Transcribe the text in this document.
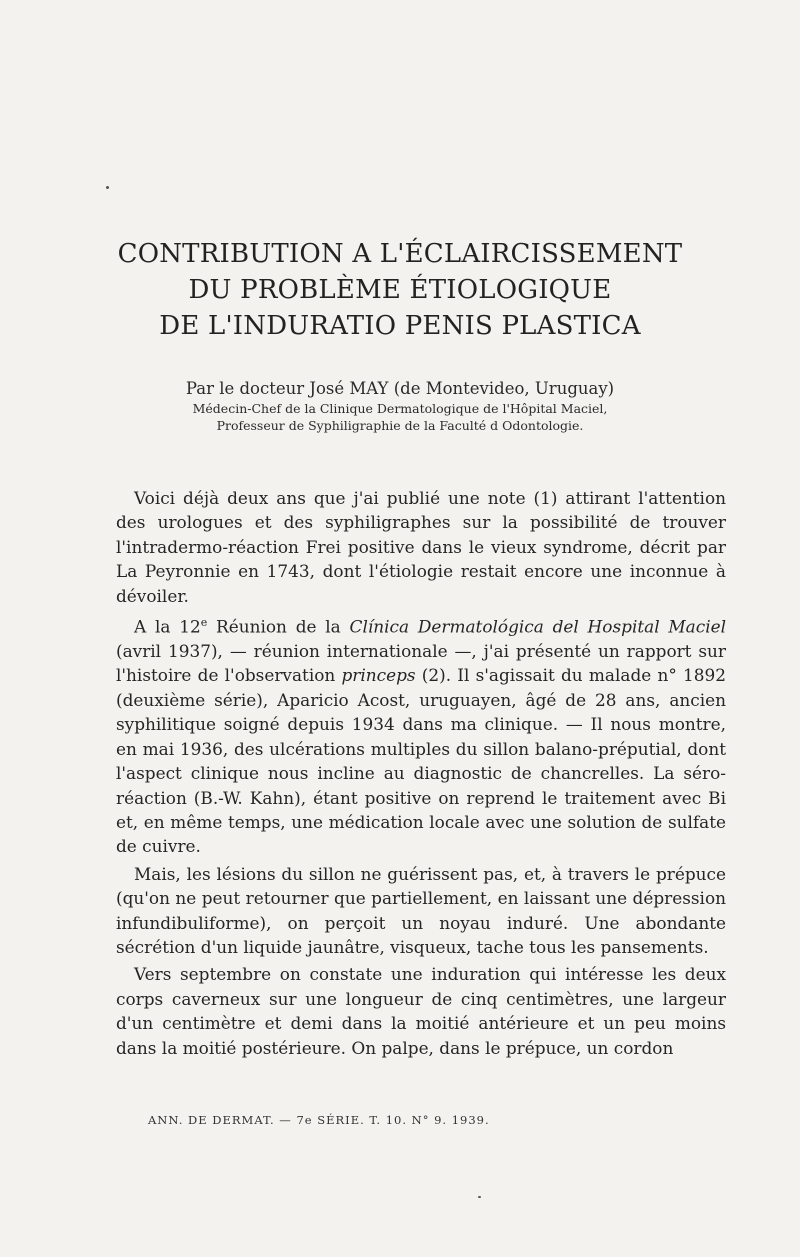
CONTRIBUTION A L'ÉCLAIRCISSEMENT
DU PROBLÈME ÉTIOLOGIQUE
DE L'INDURATIO PENIS PLASTICA
Par le docteur José MAY (de Montevideo, Uruguay)
Médecin-Chef de la Clinique Dermatologique de l'Hôpital Maciel,
Professeur de Syphiligraphie de la Faculté d Odontologie.

Voici déjà deux ans que j'ai publié une note (1) attirant l'attention des urologues et des syphiligraphes sur la possibilité de trouver l'intradermo-réaction Frei positive dans le vieux syndrome, décrit par La Peyronnie en 1743, dont l'étiologie restait encore une inconnue à dévoiler.

A la 12e Réunion de la Clínica Dermatológica del Hospital Maciel (avril 1937), — réunion internationale —, j'ai présenté un rapport sur l'histoire de l'observation princeps (2). Il s'agissait du malade n° 1892 (deuxième série), Aparicio Acost, uruguayen, âgé de 28 ans, ancien syphilitique soigné depuis 1934 dans ma clinique. — Il nous montre, en mai 1936, des ulcérations multiples du sillon balano-préputial, dont l'aspect clinique nous incline au diagnostic de chancrelles. La séro-réaction (B.-W. Kahn), étant positive on reprend le traitement avec Bi et, en même temps, une médication locale avec une solution de sulfate de cuivre.

Mais, les lésions du sillon ne guérissent pas, et, à travers le prépuce (qu'on ne peut retourner que partiellement, en laissant une dépression infundibuliforme), on perçoit un noyau induré. Une abondante sécrétion d'un liquide jaunâtre, visqueux, tache tous les pansements.

Vers septembre on constate une induration qui intéresse les deux corps caverneux sur une longueur de cinq centimètres, une largeur d'un centimètre et demi dans la moitié antérieure et un peu moins dans la moitié postérieure. On palpe, dans le prépuce, un cordon

ANN. DE DERMAT. — 7e SÉRIE. T. 10. N° 9. 1939.
